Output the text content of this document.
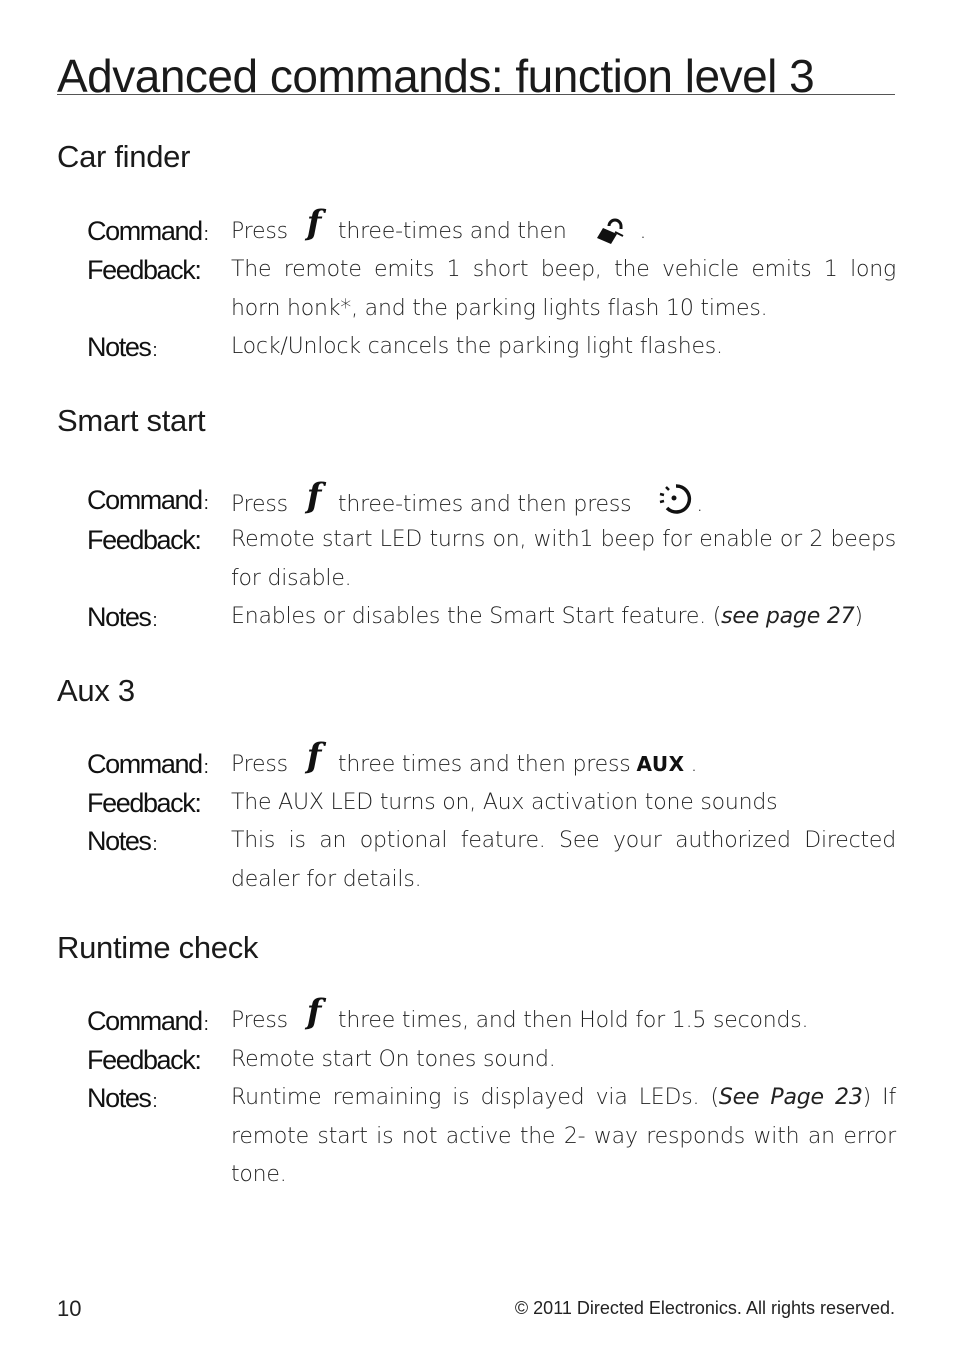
Advanced commands: function level 3
Car finder
Command : Press f three-times and then	.
Feedback: The remote emits 1 short beep, the vehicle emits 1 long horn honk*, and the parking lights flash 10 times.
Notes :	Lock/Unlock cancels the parking light flashes.
Smart start
Command : Press f three-times and then press	.
Feedback: Remote start LED turns on, with1 beep for enable or 2 beeps for disable.
Notes :	Enables or disables the Smart Start feature. (see page 27)
Aux 3
Command : Press f three times and then press AUX .
Feedback: The AUX LED turns on, Aux activation tone sounds
Notes :	This is an optional feature. See your authorized Directed dealer for details.
Runtime check
Command : Press f three times, and then Hold for 1.5 seconds.
Feedback: Remote start On tones sound.
Notes :	Runtime remaining is displayed via LEDs. (See Page 23) If remote start is not active the 2- way responds with an error tone.
10	© 2011 Directed Electronics. All rights reserved.
